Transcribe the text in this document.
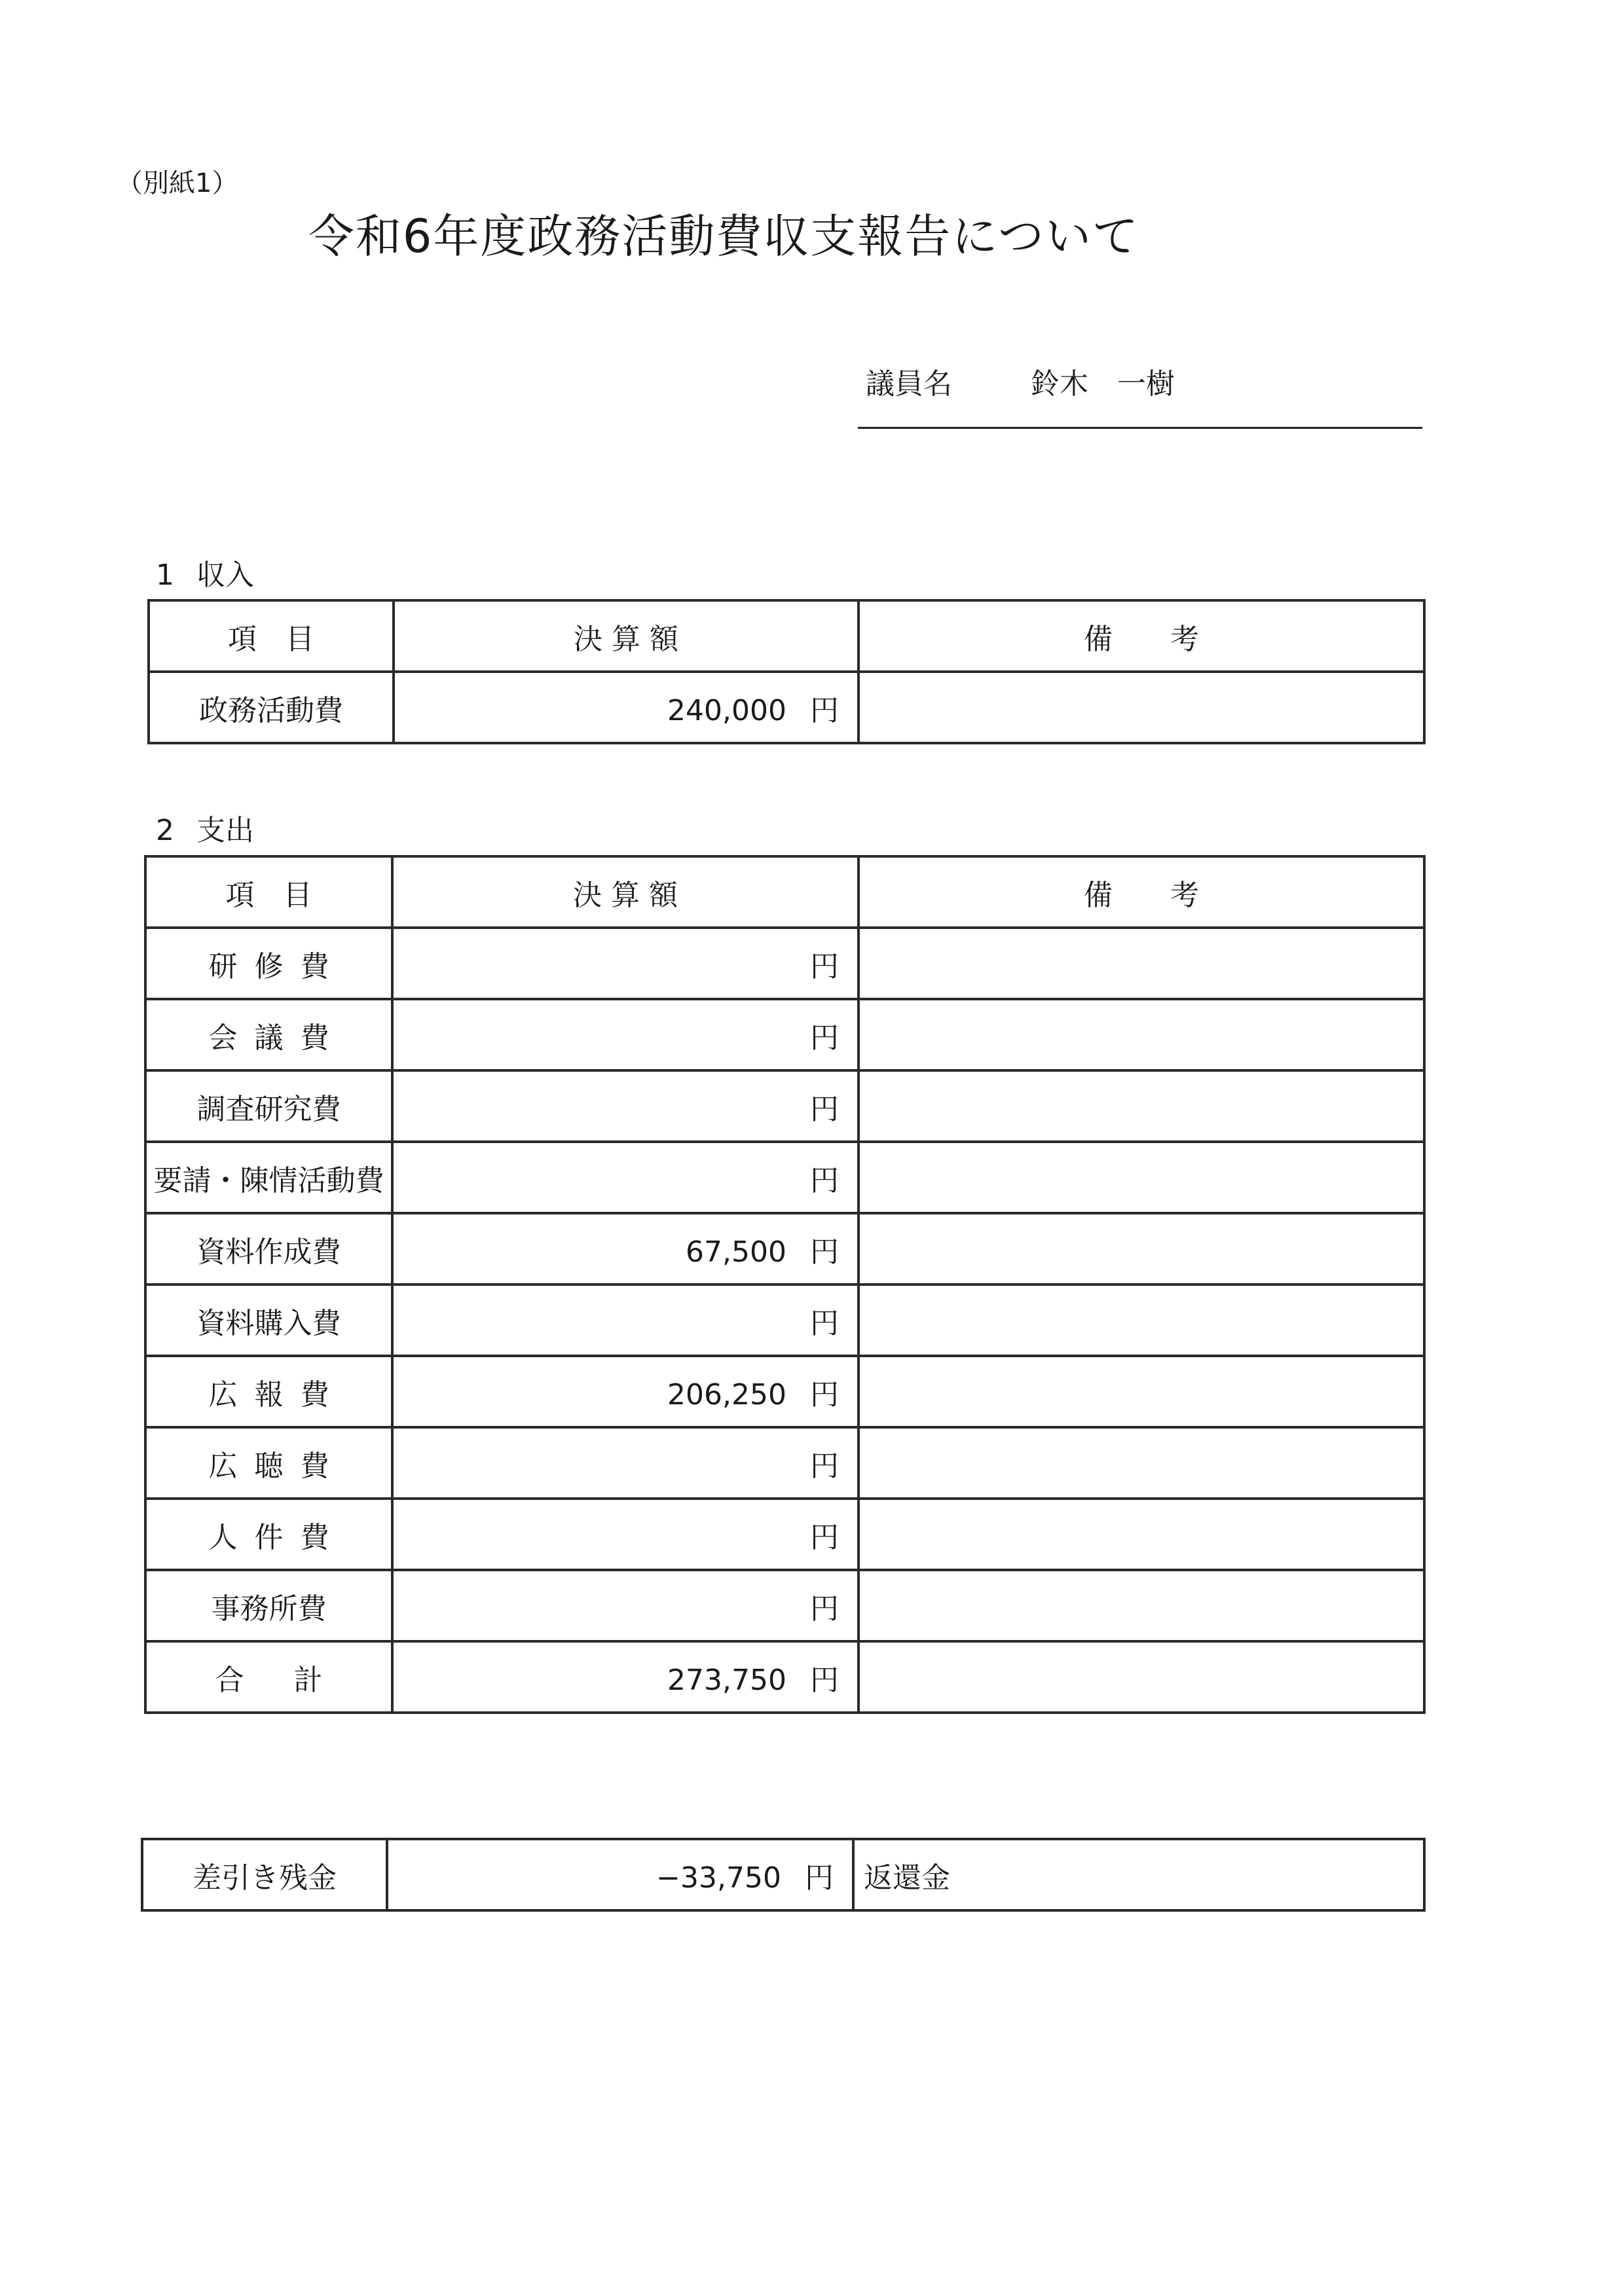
（別紙1）
令和6年度政務活動費収支報告について
議員名	鈴木　一樹
1 収入
項　目	決 算 額	備　　考
政務活動費	240,000 円	
2 支出
項　目	決 算 額	備　　考
研修費	円	
会議費	円	
調査研究費	円	
要請・陳情活動費	円	
資料作成費	67,500 円	
資料購入費	円	
広報費	206,250 円	
広聴費	円	
人件費	円	
事務所費	円	
合計	273,750 円	
差引き残金	−33,750 円	返還金
